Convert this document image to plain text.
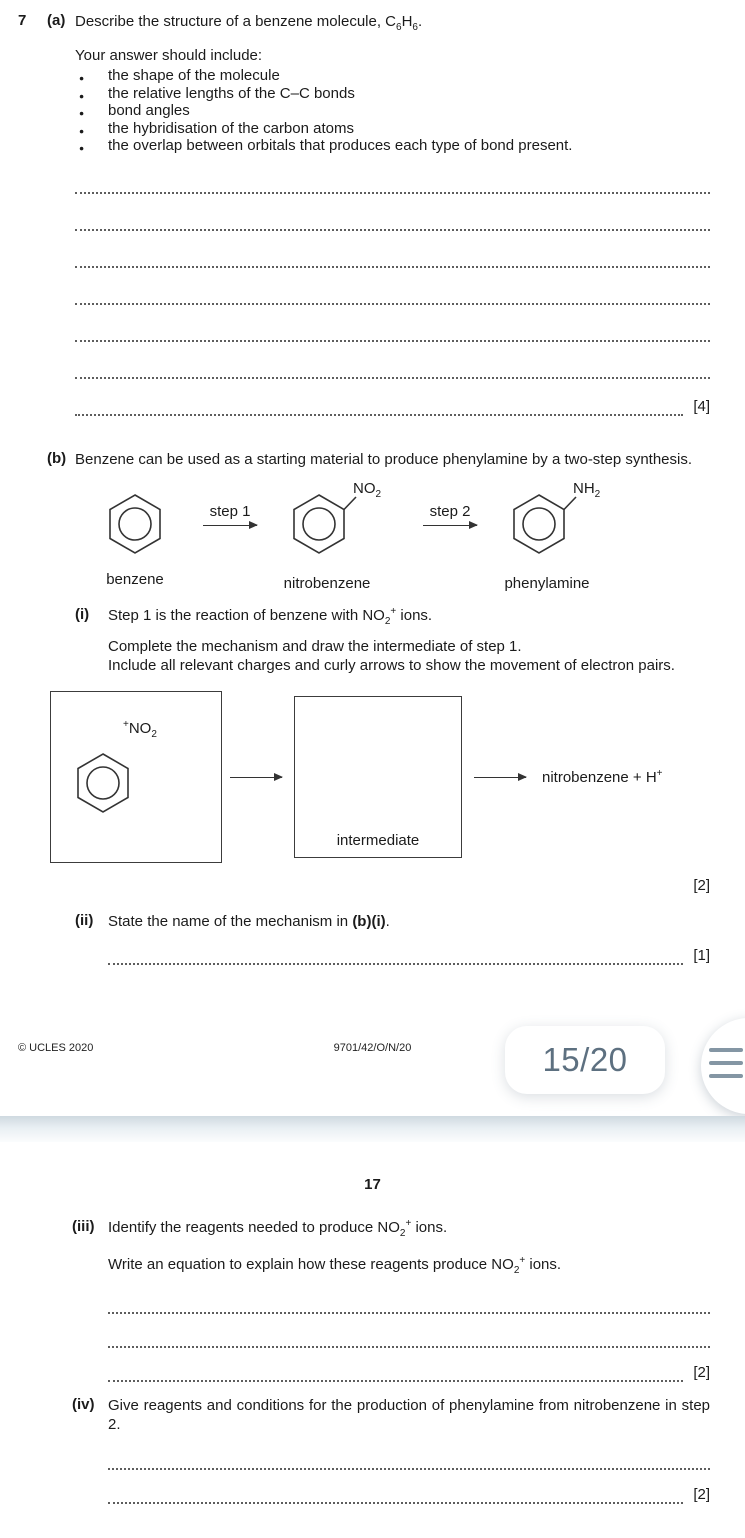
7	(a) Describe the structure of a benzene molecule, $C_6H_6$.

Your answer should include:

● the shape of the molecule
● the relative lengths of the C–C bonds
● bond angles
● the hybridisation of the carbon atoms
● the overlap between orbitals that produces each type of bond present.
[4]
(b) Benzene can be used as a starting material to produce phenylamine by a two-step synthesis.

benzene
step 1
$NO_2$
nitrobenzene
step 2
$NH_2$
phenylamine
(i)	Step 1 is the reaction of benzene with $NO_2^+$ ions.

Complete the mechanism and draw the intermediate of step 1.

Include all relevant charges and curly arrows to show the movement of electron pairs.

$^+NO_2$
intermediate
nitrobenzene + H+
[2]
(ii) State the name of the mechanism in (b)(i).

[1]
© UCLES 2020	9701/42/O/N/20	15/20
17
(iii) Identify the reagents needed to produce $NO_2^+$ ions.

Write an equation to explain how these reagents produce $NO_2^+$ ions.

[2]
(iv) Give reagents and conditions for the production of phenylamine from nitrobenzene in step 2.

[2]
